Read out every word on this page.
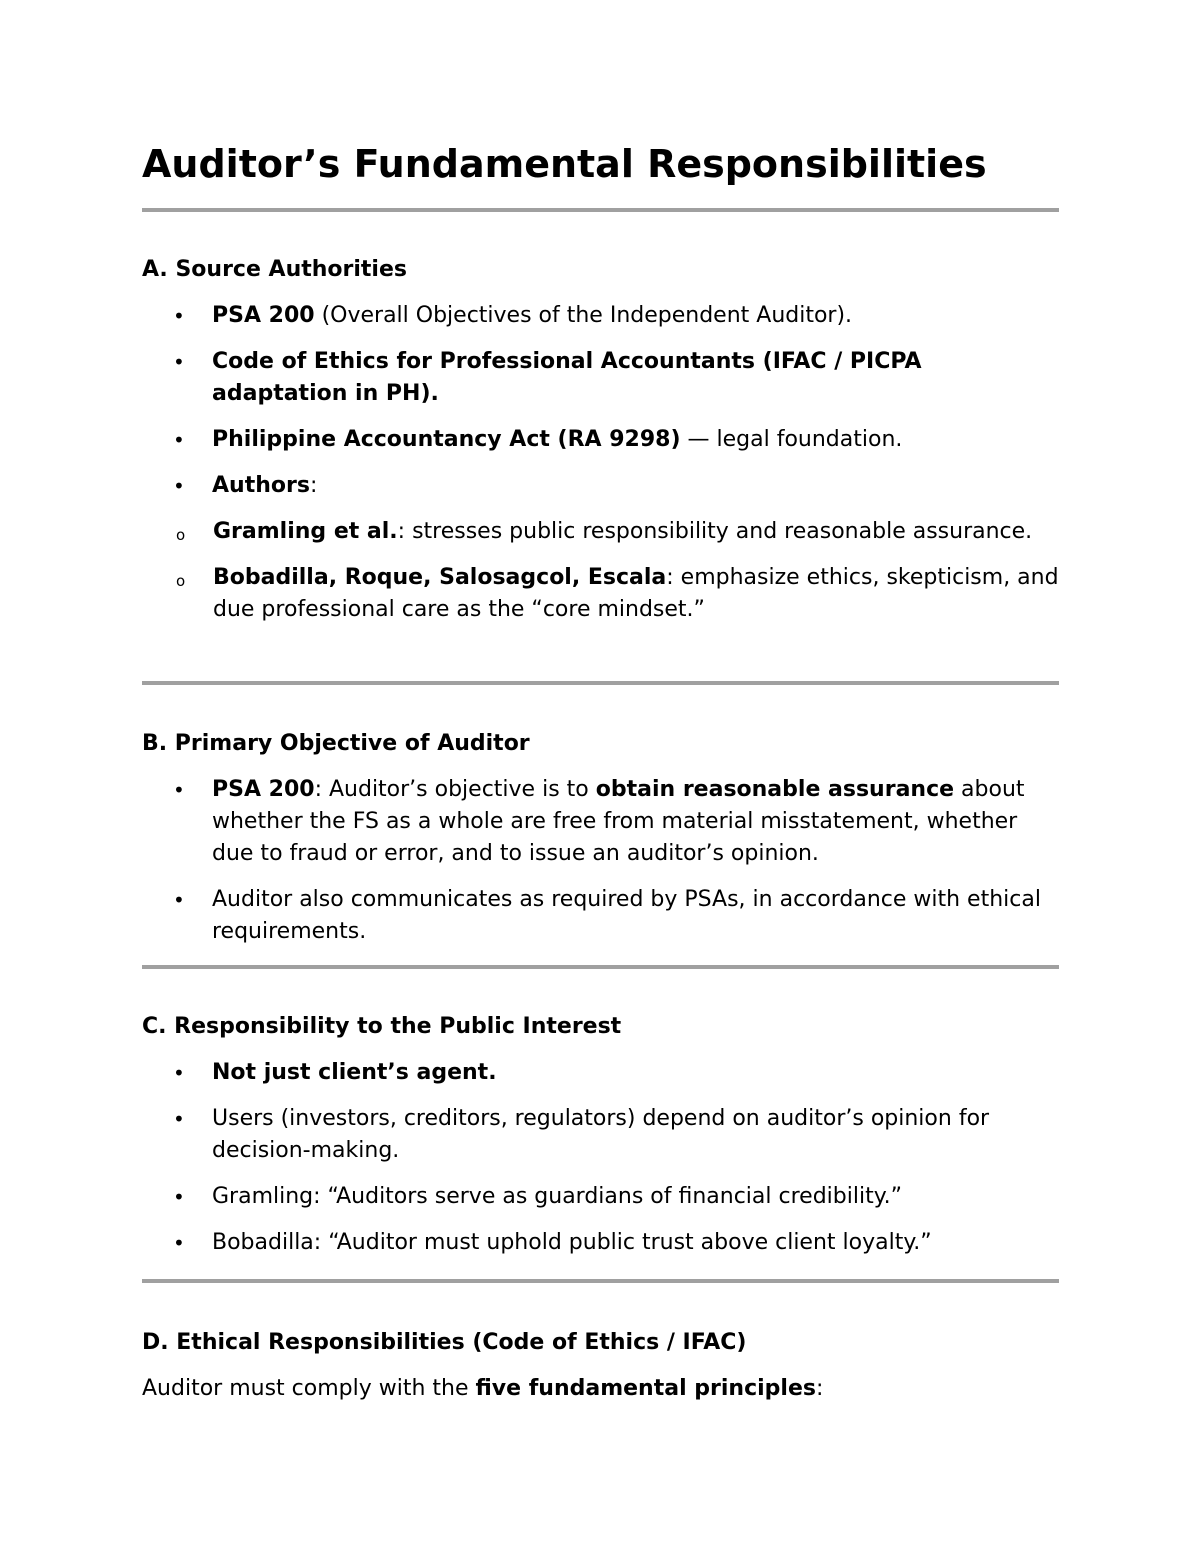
Auditor’s Fundamental Responsibilities
A. Source Authorities
• PSA 200 (Overall Objectives of the Independent Auditor).
• Code of Ethics for Professional Accountants (IFAC / PICPA adaptation in PH).
• Philippine Accountancy Act (RA 9298) — legal foundation.
• Authors:
o Gramling et al.: stresses public responsibility and reasonable assurance.
o Bobadilla, Roque, Salosagcol, Escala: emphasize ethics, skepticism, and due professional care as the “core mindset.”
B. Primary Objective of Auditor
• PSA 200: Auditor’s objective is to obtain reasonable assurance about whether the FS as a whole are free from material misstatement, whether due to fraud or error, and to issue an auditor’s opinion.
• Auditor also communicates as required by PSAs, in accordance with ethical requirements.
C. Responsibility to the Public Interest
• Not just client’s agent.
• Users (investors, creditors, regulators) depend on auditor’s opinion for decision-making.
• Gramling: “Auditors serve as guardians of financial credibility.”
• Bobadilla: “Auditor must uphold public trust above client loyalty.”
D. Ethical Responsibilities (Code of Ethics / IFAC)

Auditor must comply with the five fundamental principles:
